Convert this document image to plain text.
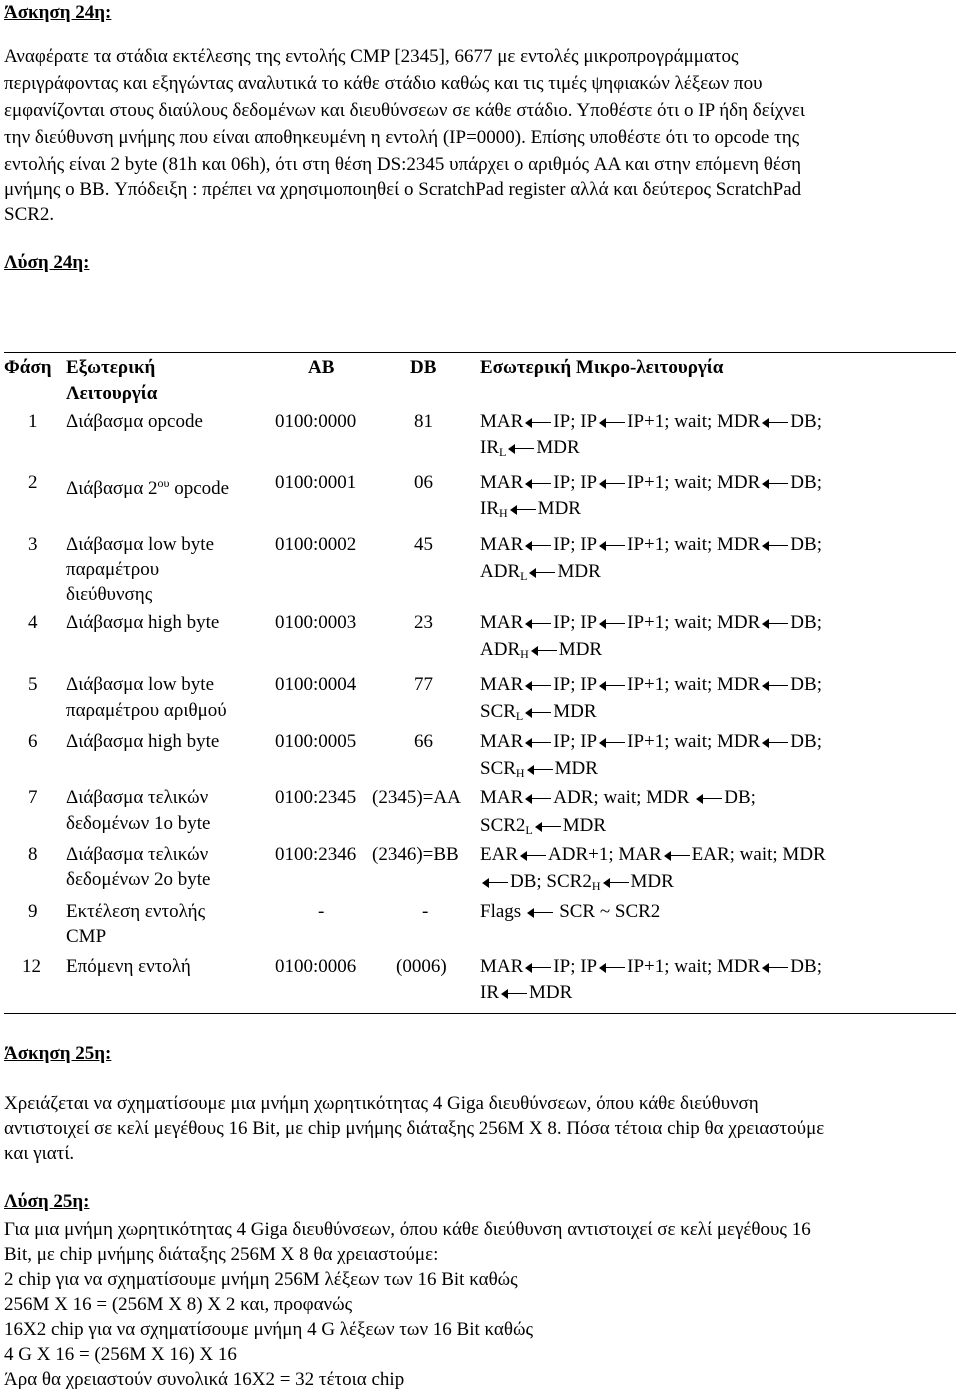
Άσκηση 24η:
Αναφέρατε τα στάδια εκτέλεσης της εντολής CMP [2345], 6677 με εντολές μικροπρογράμματος
περιγράφοντας και εξηγώντας αναλυτικά το κάθε στάδιο καθώς και τις τιμές ψηφιακών λέξεων που
εμφανίζονται στους διαύλους δεδομένων και διευθύνσεων σε κάθε στάδιο. Υποθέστε ότι ο IP ήδη δείχνει
την διεύθυνση μνήμης που είναι αποθηκευμένη η εντολή (IP=0000). Επίσης υποθέστε ότι το opcode της
εντολής είναι 2 byte (81h και 06h), ότι στη θέση DS:2345 υπάρχει ο αριθμός AA και στην επόμενη θέση
μνήμης ο BB. Υπόδειξη : πρέπει να χρησιμοποιηθεί ο ScratchPad register αλλά και δεύτερος ScratchPad
SCR2.
Λύση 24η:
Φάση Εξωτερική
Λειτουργία
AB	DB Εσωτερική Μικρο-λειτουργία
1 Διάβασμα opcode	0100:0000	81 MAR IP; IP IP+1; wait; MDR DB;
$IR_L$ MDR
2 Διάβασμα $2^{o\upsilon}$ opcode 0100:0001	06 MAR IP; IP IP+1; wait; MDR DB;
$IR_H$ MDR
3 Διάβασμα low byte
παραμέτρου
διεύθυνσης
0100:0002	45 MAR IP; IP IP+1; wait; MDR DB;
$ADR_L$ MDR
4 Διάβασμα high byte	0100:0003	23 MAR IP; IP IP+1; wait; MDR DB;
$ADR_H$ MDR
5 Διάβασμα low byte
παραμέτρου αριθμού
0100:0004	77 MAR IP; IP IP+1; wait; MDR DB;
$SCR_L$ MDR
6 Διάβασμα high byte	0100:0005	66 MAR IP; IP IP+1; wait; MDR DB;
$SCR_H$ MDR
7 Διάβασμα τελικών
δεδομένων 1ο byte
0100:2345 (2345)=AA MAR ADR; wait; MDR DB;
$SCR2_L$ MDR
8 Διάβασμα τελικών
δεδομένων 2ο byte
0100:2346 (2346)=BB EAR ADR+1; MAR EAR; wait; MDR
DB; $SCR2_H$ MDR
9 Εκτέλεση εντολής
CMP
-	-	Flags SCR ~ SCR2
12 Επόμενη εντολή	0100:0006 (0006) MAR IP; IP IP+1; wait; MDR DB;
IR MDR
Άσκηση 25η:
Χρειάζεται να σχηματίσουμε μια μνήμη χωρητικότητας 4 Giga διευθύνσεων, όπου κάθε διεύθυνση
αντιστοιχεί σε κελί μεγέθους 16 Bit, με chip μνήμης διάταξης 256M X 8. Πόσα τέτοια chip θα χρειαστούμε
και γιατί.
Λύση 25η:
Για μια μνήμη χωρητικότητας 4 Giga διευθύνσεων, όπου κάθε διεύθυνση αντιστοιχεί σε κελί μεγέθους 16
Bit, με chip μνήμης διάταξης 256M X 8 θα χρειαστούμε:
2 chip για να σχηματίσουμε μνήμη 256M λέξεων των 16 Bit καθώς
256M X 16 = (256M X 8) X 2 και, προφανώς
16X2 chip για να σχηματίσουμε μνήμη 4 G λέξεων των 16 Bit καθώς
4 G X 16 = (256M X 16) X 16
Άρα θα χρειαστούν συνολικά 16X2 = 32 τέτοια chip
